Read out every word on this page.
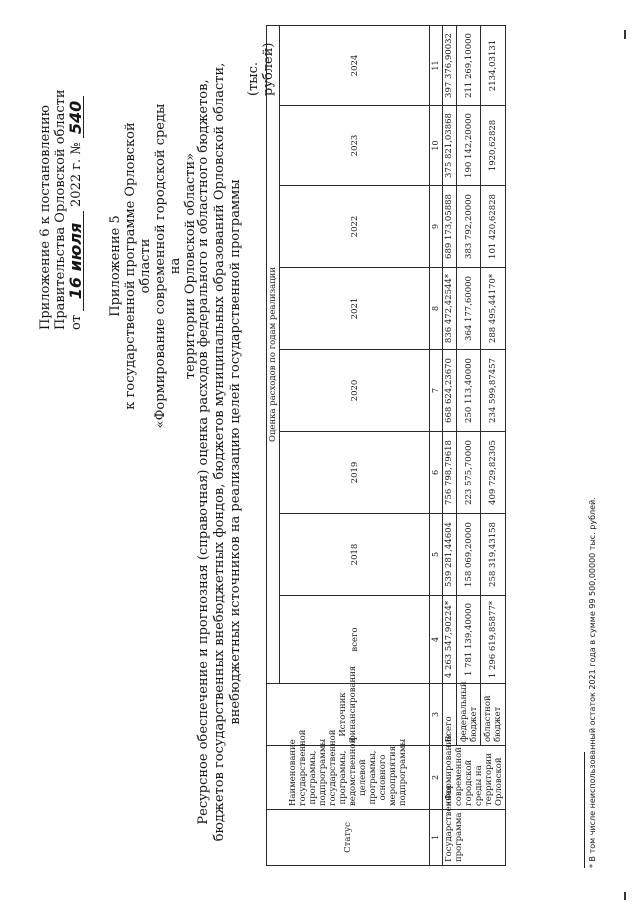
Приложение 6 к постановлению Правительства Орловской области от
16 июля
2022 г. №
540
Приложение 5 к государственной программе Орловской области «Формирование современной городской среды на территории Орловской области»
Ресурсное обеспечение и прогнозная (справочная) оценка расходов федерального и областного бюджетов, бюджетов государственных внебюджетных фондов, бюджетов муниципальных образований Орловской области, внебюджетных источников на реализацию целей государственной программы
(тыс. рублей)
Статус	Наименование государственной программы, подпрограммы государственной программы, ведомственной целевой программы, основного мероприятия подпрограммы	Источник финансирования	Оценка расходов по годам реализации							
			всего	2018	2019	2020	2021	2022	2023	2024
1	2	3	4	5	6	7	8	9	10	11
Государственная программа	«Формирование современной городской среды на территории Орловской	Всего	4 263 547,90224*	539 281,44604	756 798,79618	668 624,23670	836 472,42544*	689 173,05888	375 821,03868	397 376,90032
		федеральный бюджет	1 781 139,40000	158 069,20000	223 575,70000	250 113,40000	364 177,60000	383 792,20000	190 142,20000	211 269,10000
		областной бюджет	1 296 619,85877*	258 319,43158	409 729,82305	234 599,87457	288 495,44170*	101 420,62828	1920,62828	2134,03131
* В том числе неиспользованный остаток 2021 года в сумме 99 500,00000 тыс. рублей.
